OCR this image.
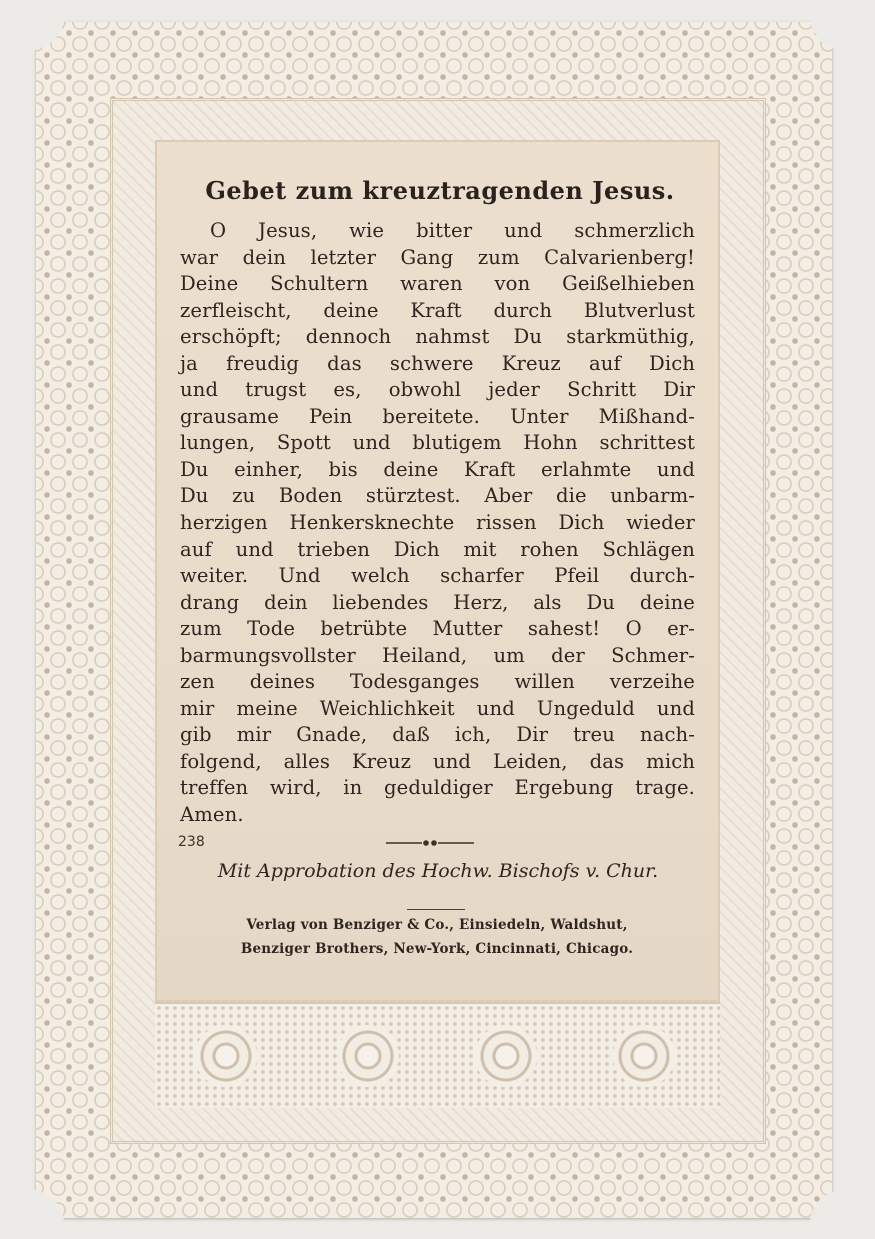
Gebet zum kreuztragenden Jesus.
O Jesus, wie bitter und schmerzlich
war dein letzter Gang zum Calvarienberg!
Deine Schultern waren von Geißelhieben
zerfleischt, deine Kraft durch Blutverlust
erschöpft; dennoch nahmst Du starkmüthig,
ja freudig das schwere Kreuz auf Dich
und trugst es, obwohl jeder Schritt Dir
grausame Pein bereitete. Unter Mißhand-
lungen, Spott und blutigem Hohn schrittest
Du einher, bis deine Kraft erlahmte und
Du zu Boden stürztest. Aber die unbarm-
herzigen Henkersknechte rissen Dich wieder
auf und trieben Dich mit rohen Schlägen
weiter. Und welch scharfer Pfeil durch-
drang dein liebendes Herz, als Du deine
zum Tode betrübte Mutter sahest! O er-
barmungsvollster Heiland, um der Schmer-
zen deines Todesganges willen verzeihe
mir meine Weichlichkeit und Ungeduld und
gib mir Gnade, daß ich, Dir treu nach-
folgend, alles Kreuz und Leiden, das mich
treffen wird, in geduldiger Ergebung trage.
Amen.
238

Mit Approbation des Hochw. Bischofs v. Chur.

Verlag von Benziger & Co., Einsiedeln, Waldshut,

Benziger Brothers, New-York, Cincinnati, Chicago.
